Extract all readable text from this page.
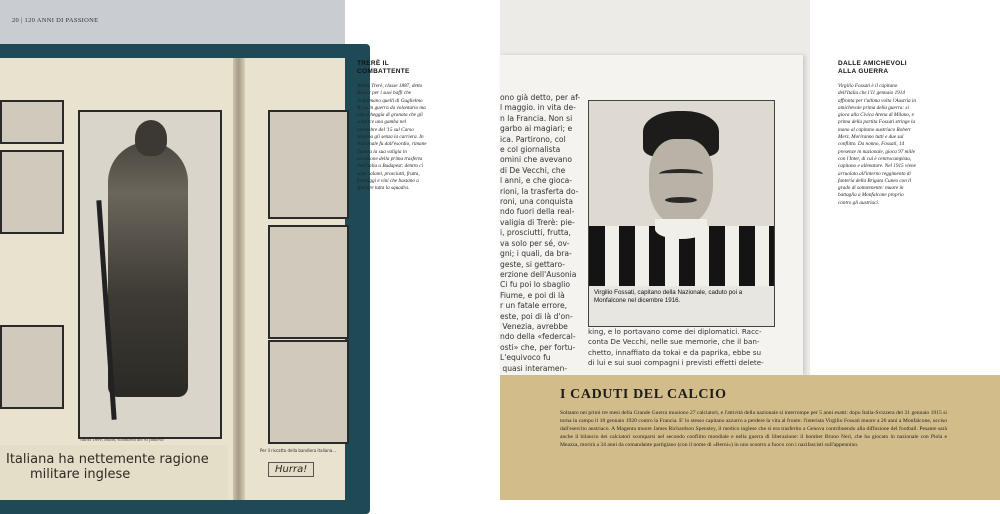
Attilio Trerè, Milan, volontario del 93 fanteria
Italiana ha nettemente ragione
militare inglese	Hurra!
Per il riscatto della bandiera italiana...
20 | 120 ANNI DI PASSIONE

TRERÈ IL COMBATTENTE

Attilio Trerè, classe 1887, detto Kaiser per i suoi baffi che richiamano quelli di Guglielmo II, va in guerra da volontario ma una scheggia di granata che gli colpisce una gamba nel novembre del '15 sul Carso termina gli senza la carriera. In Nazionale fu dall'esordio, rimane famosa la sua valigia in occasione della prima trasferta dell'Italia a Budapest: dentro ci sono salami, prosciutti, frutta, formaggi e vini che bastano a sfamare tutta la squadra.

ono già detto, per af-
l maggio. in vita de-
n la Francia. Non si
garbo ai magiari; e
ica. Partirono, col
e col giornalista
omini che avevano
di De Vecchi, che
l anni, e che gioca-
rioni, la trasferta do-
roni, una conquista
ndo fuori della real-
valigia di Trerè: pie-
i, prosciutti, frutta,
va solo per sé, ov-
gni; i quali, da bra-
geste, si gettaro-
erzione dell'Ausonia
Ci fu poi lo sbaglio
Fiume, e poi di là
r un fatale errore,
este, poi di là d'on-
Venezia, avrebbe
ndo della «federcal-
osti» che, per fortu-
L'equivoco fu
quasi interamen-

Virgilio Fossati, capitano della Nazionale, caduto poi a Monfalcone nel dicembre 1916.
king, e lo portavano come dei diplomatici. Racc-
conta De Vecchi, nelle sue memorie, che il ban-
chetto, innaffiato da tokai e da paprika, ebbe su
di lui e sui suoi compagni i previsti effetti delete-

DALLE AMICHEVOLI ALLA GUERRA

Virgilio Fossati è il capitano dell'Italia che l'11 gennaio 1914 affronta per l'ultima volta l'Austria in amichevole prima della guerra: si gioca alla Civica Arena di Milano, e prima della partita Fossati stringe la mano al capitano austriaco Robert Merz. Moriranno tutti e due sul conflitto. Da nonno, Fossati, 14 presenze in nazionale, gioca 97 mille con l'Inter, di cui è centrocampista, capitano e allenatore. Nel 1915 viene arruolato all'interno reggimento di fanteria della Brigata Cuneo con il grado di sottotenente: muore in battaglia a Monfalcone proprio contro gli austriaci.

I CADUTI DEL CALCIO

Soltanto nei primi tre mesi della Grande Guerra muoiono 27 calciatori, e l'attività della nazionale si interrompe per 5 anni esatti: dopo Italia-Svizzera del 31 gennaio 1915 si torna in campo il 18 gennaio 1920 contro la Francia. E' lo stesso capitano azzurro a perdere la vita al fronte: l'interista Virgilio Fossati muore a 26 anni a Monfalcone, ucciso dall'esercito austriaco. A Magenta muore James Richardson Spensley, il medico inglese che si era trasferito a Genova contribuendo alla diffusione del football. Pesante sarà anche il bilancio dei calciatori scomparsi nel secondo conflitto mondiale e nella guerra di liberazione: il bomber Bruno Neri, che ha giocato in nazionale con Piola e Meazza, morirà a 34 anni da comandante partigiano (con il nome di «Berni») in uno scontro a fuoco con i nazifascisti sull'appennino.
